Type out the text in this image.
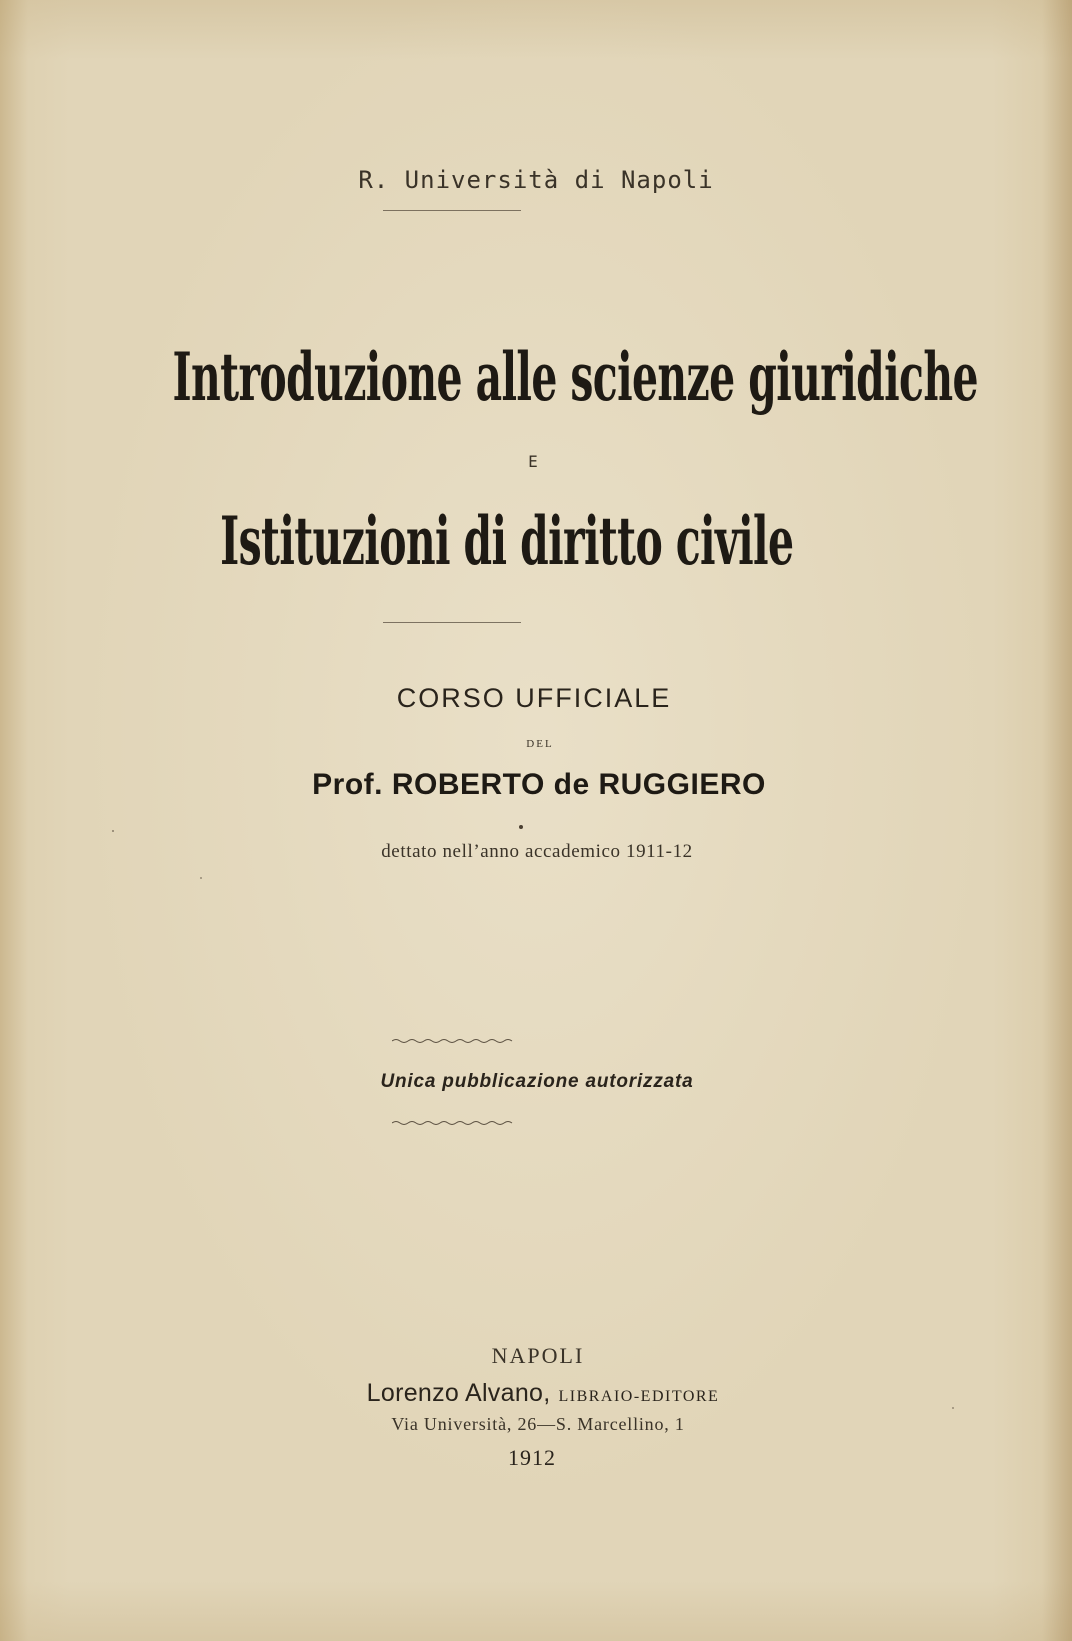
R. Università di Napoli
Introduzione alle scienze giuridiche
E
Istituzioni di diritto civile
CORSO UFFICIALE
DEL
Prof. ROBERTO de RUGGIERO
dettato nell’anno accademico 1911-12
Unica pubblicazione autorizzata
NAPOLI
Lorenzo Alvano, LIBRAIO-EDITORE
Via Università, 26—S. Marcellino, 1
1912
